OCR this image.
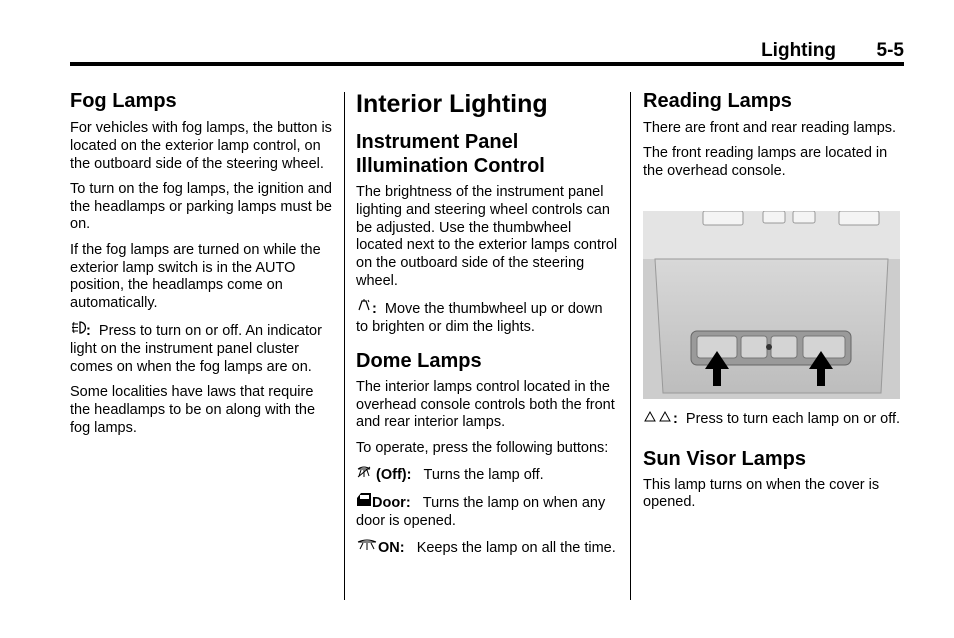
Lighting 5-5
Fog Lamps

For vehicles with fog lamps, the button is located on the exterior lamp control, on the outboard side of the steering wheel.

To turn on the fog lamps, the ignition and the headlamps or parking lamps must be on.

If the fog lamps are turned on while the exterior lamp switch is in the AUTO position, the headlamps come on automatically.

: Press to turn on or off. An indicator light on the instrument panel cluster comes on when the fog lamps are on.

Some localities have laws that require the headlamps to be on along with the fog lamps.

Interior Lighting
Instrument Panel Illumination Control

The brightness of the instrument panel lighting and steering wheel controls can be adjusted. Use the thumbwheel located next to the exterior lamps control on the outboard side of the steering wheel.

: Move the thumbwheel up or down to brighten or dim the lights.

Dome Lamps

The interior lamps control located in the overhead console controls both the front and rear interior lamps.

To operate, press the following buttons:

(Off): Turns the lamp off.

Door: Turns the lamp on when any door is opened.

ON: Keeps the lamp on all the time.

Reading Lamps

There are front and rear reading lamps.

The front reading lamps are located in the overhead console.

: Press to turn each lamp on or off.

Sun Visor Lamps

This lamp turns on when the cover is opened.
